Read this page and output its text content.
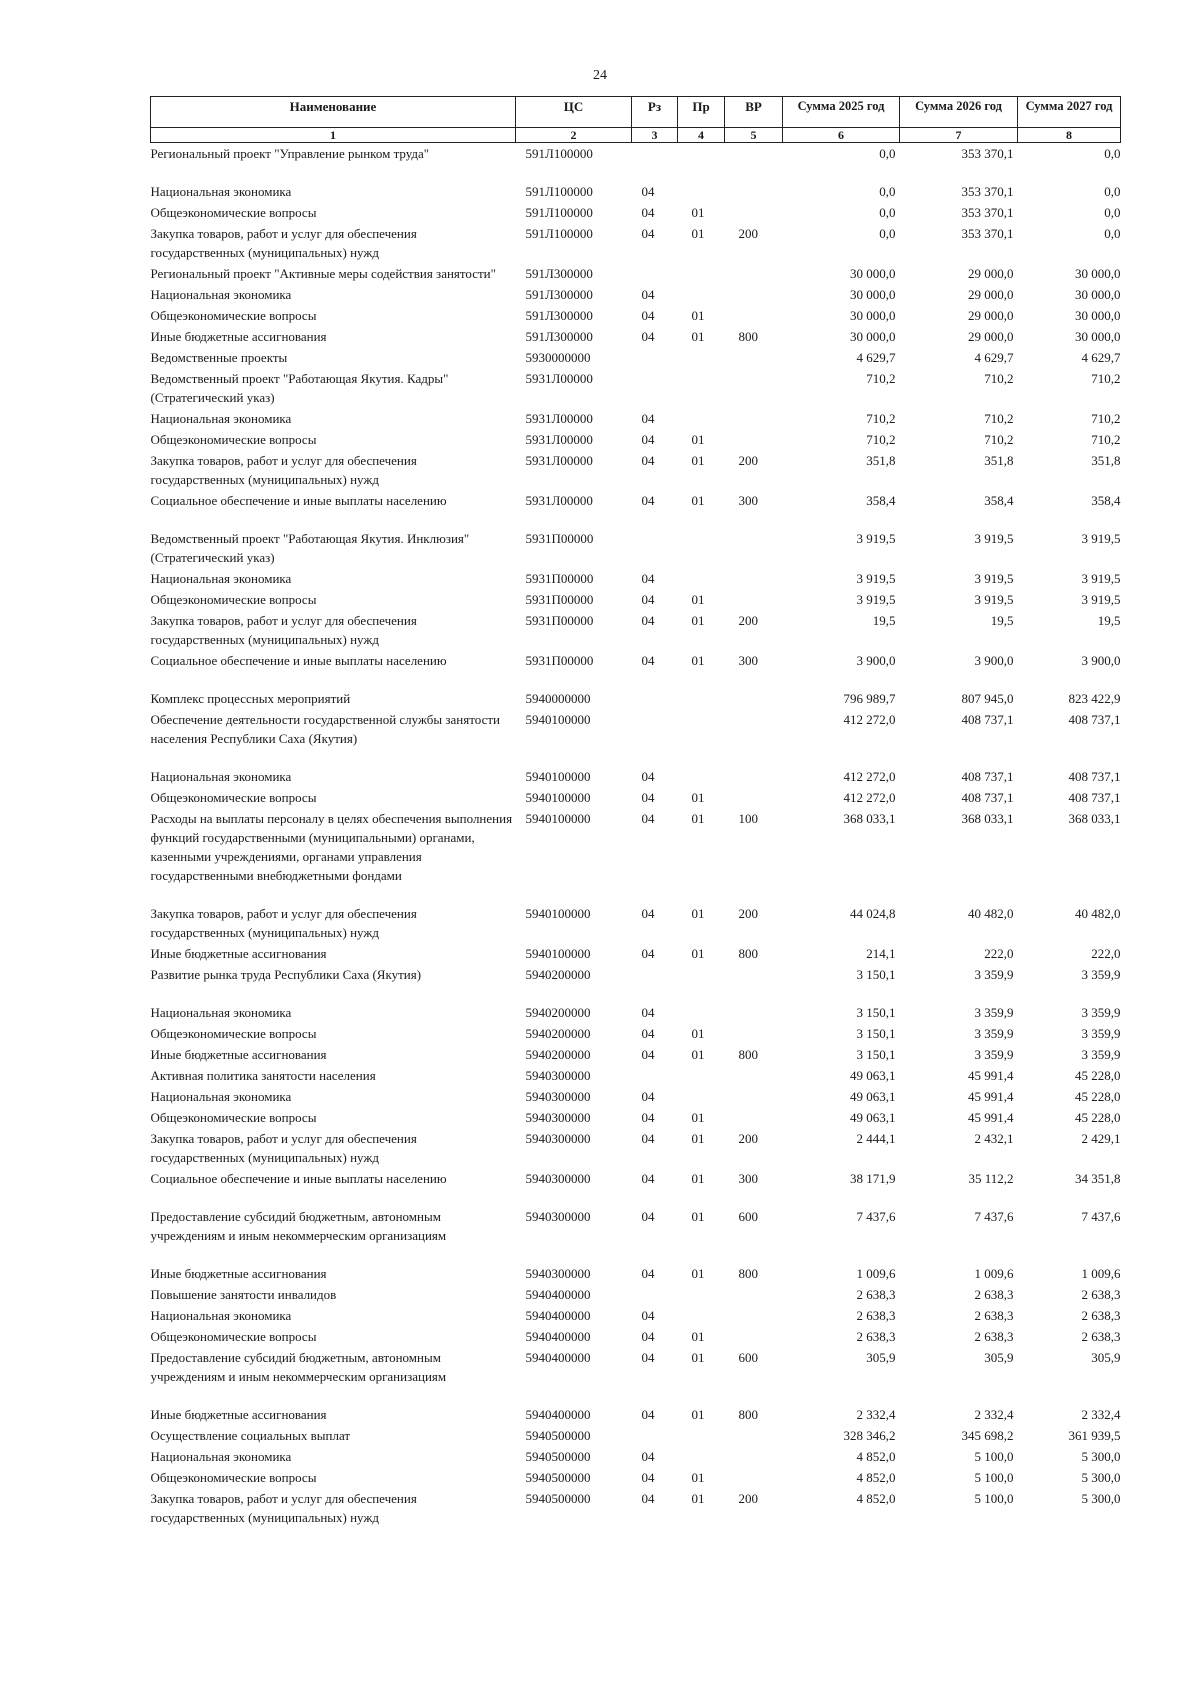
24
Наименование	ЦС	Рз	Пр	ВР	Сумма 2025 год	Сумма 2026 год	Сумма 2027 год
1	2	3	4	5	6	7	8
Региональный проект "Управление рынком труда"	591Л100000				0,0	353 370,1	0,0
Национальная экономика	591Л100000	04			0,0	353 370,1	0,0
Общеэкономические вопросы	591Л100000	04	01		0,0	353 370,1	0,0
Закупка товаров, работ и услуг для обеспечения государственных (муниципальных) нужд	591Л100000	04	01	200	0,0	353 370,1	0,0
Региональный проект "Активные меры содействия занятости"	591Л300000				30 000,0	29 000,0	30 000,0
Национальная экономика	591Л300000	04			30 000,0	29 000,0	30 000,0
Общеэкономические вопросы	591Л300000	04	01		30 000,0	29 000,0	30 000,0
Иные бюджетные ассигнования	591Л300000	04	01	800	30 000,0	29 000,0	30 000,0
Ведомственные проекты	5930000000				4 629,7	4 629,7	4 629,7
Ведомственный проект "Работающая Якутия. Кадры" (Стратегический указ)	5931Л00000				710,2	710,2	710,2
Национальная экономика	5931Л00000	04			710,2	710,2	710,2
Общеэкономические вопросы	5931Л00000	04	01		710,2	710,2	710,2
Закупка товаров, работ и услуг для обеспечения государственных (муниципальных) нужд	5931Л00000	04	01	200	351,8	351,8	351,8
Социальное обеспечение и иные выплаты населению	5931Л00000	04	01	300	358,4	358,4	358,4
Ведомственный проект "Работающая Якутия. Инклюзия" (Стратегический указ)	5931П00000				3 919,5	3 919,5	3 919,5
Национальная экономика	5931П00000	04			3 919,5	3 919,5	3 919,5
Общеэкономические вопросы	5931П00000	04	01		3 919,5	3 919,5	3 919,5
Закупка товаров, работ и услуг для обеспечения государственных (муниципальных) нужд	5931П00000	04	01	200	19,5	19,5	19,5
Социальное обеспечение и иные выплаты населению	5931П00000	04	01	300	3 900,0	3 900,0	3 900,0
Комплекс процессных мероприятий	5940000000				796 989,7	807 945,0	823 422,9
Обеспечение деятельности государственной службы занятости населения Республики Саха (Якутия)	5940100000				412 272,0	408 737,1	408 737,1
Национальная экономика	5940100000	04			412 272,0	408 737,1	408 737,1
Общеэкономические вопросы	5940100000	04	01		412 272,0	408 737,1	408 737,1
Расходы на выплаты персоналу в целях обеспечения выполнения функций государственными (муниципальными) органами, казенными учреждениями, органами управления государственными внебюджетными фондами	5940100000	04	01	100	368 033,1	368 033,1	368 033,1
Закупка товаров, работ и услуг для обеспечения государственных (муниципальных) нужд	5940100000	04	01	200	44 024,8	40 482,0	40 482,0
Иные бюджетные ассигнования	5940100000	04	01	800	214,1	222,0	222,0
Развитие рынка труда Республики Саха (Якутия)	5940200000				3 150,1	3 359,9	3 359,9
Национальная экономика	5940200000	04			3 150,1	3 359,9	3 359,9
Общеэкономические вопросы	5940200000	04	01		3 150,1	3 359,9	3 359,9
Иные бюджетные ассигнования	5940200000	04	01	800	3 150,1	3 359,9	3 359,9
Активная политика занятости населения	5940300000				49 063,1	45 991,4	45 228,0
Национальная экономика	5940300000	04			49 063,1	45 991,4	45 228,0
Общеэкономические вопросы	5940300000	04	01		49 063,1	45 991,4	45 228,0
Закупка товаров, работ и услуг для обеспечения государственных (муниципальных) нужд	5940300000	04	01	200	2 444,1	2 432,1	2 429,1
Социальное обеспечение и иные выплаты населению	5940300000	04	01	300	38 171,9	35 112,2	34 351,8
Предоставление субсидий бюджетным, автономным учреждениям и иным некоммерческим организациям	5940300000	04	01	600	7 437,6	7 437,6	7 437,6
Иные бюджетные ассигнования	5940300000	04	01	800	1 009,6	1 009,6	1 009,6
Повышение занятости инвалидов	5940400000				2 638,3	2 638,3	2 638,3
Национальная экономика	5940400000	04			2 638,3	2 638,3	2 638,3
Общеэкономические вопросы	5940400000	04	01		2 638,3	2 638,3	2 638,3
Предоставление субсидий бюджетным, автономным учреждениям и иным некоммерческим организациям	5940400000	04	01	600	305,9	305,9	305,9
Иные бюджетные ассигнования	5940400000	04	01	800	2 332,4	2 332,4	2 332,4
Осуществление социальных выплат	5940500000				328 346,2	345 698,2	361 939,5
Национальная экономика	5940500000	04			4 852,0	5 100,0	5 300,0
Общеэкономические вопросы	5940500000	04	01		4 852,0	5 100,0	5 300,0
Закупка товаров, работ и услуг для обеспечения государственных (муниципальных) нужд	5940500000	04	01	200	4 852,0	5 100,0	5 300,0
